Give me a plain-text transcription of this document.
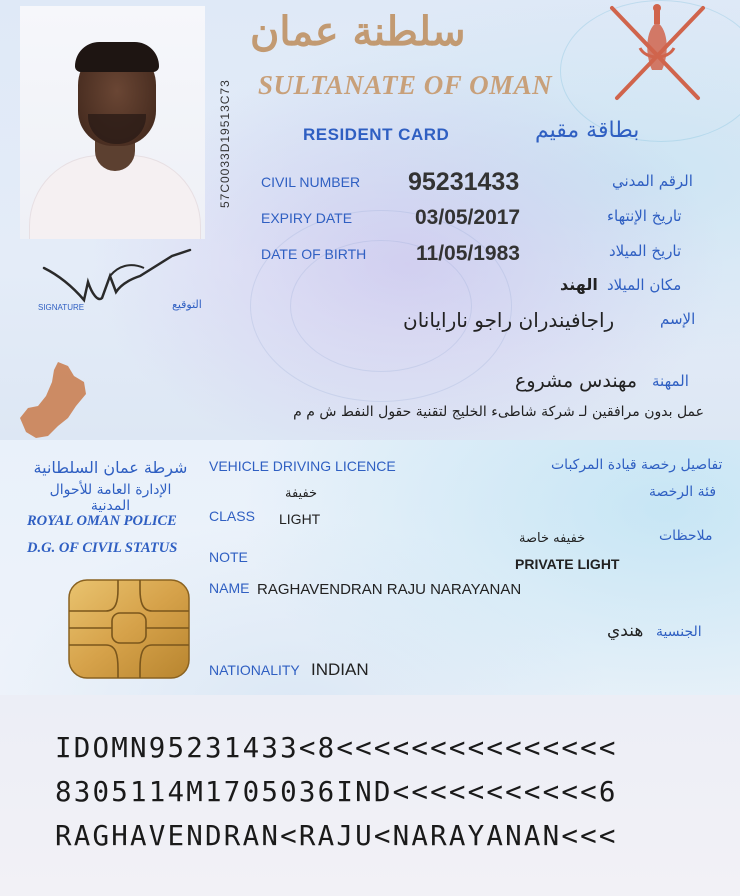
57C0033D19513C73
سلطنة عمان
SULTANATE OF OMAN
RESIDENT CARD	بطاقة مقيم
CIVIL NUMBER 95231433	الرقم المدني
EXPIRY DATE	03/05/2017	تاريخ الإنتهاء
DATE OF BIRTH 11/05/1983	تاريخ الميلاد
مكان الميلاد
الهند
الإسم
راجافيندران راجو نارايانان
المهنة
مهندس مشروع
عمل بدون مرافقين لـ شركة شاطىء الخليج لتقنية حقول النفط ش م م
SIGNATURE	التوقيع
شرطة عمان السلطانية
الإدارة العامة للأحوال المدنية
ROYAL OMAN POLICE
D.G. OF CIVIL STATUS
VEHICLE DRIVING LICENCE	تفاصيل رخصة قيادة المركبات
خفيفة	فئة الرخصة
CLASS LIGHT
ملاحظات
خفيفه خاصة
NOTE	PRIVATE LIGHT
NAME RAGHAVENDRAN RAJU NARAYANAN
الجنسية
هندي
NATIONALITY INDIAN
IDOMN95231433<8<<<<<<<<<<<<<<<
8305114M1705036IND<<<<<<<<<<<6
RAGHAVENDRAN<RAJU<NARAYANAN<<<
